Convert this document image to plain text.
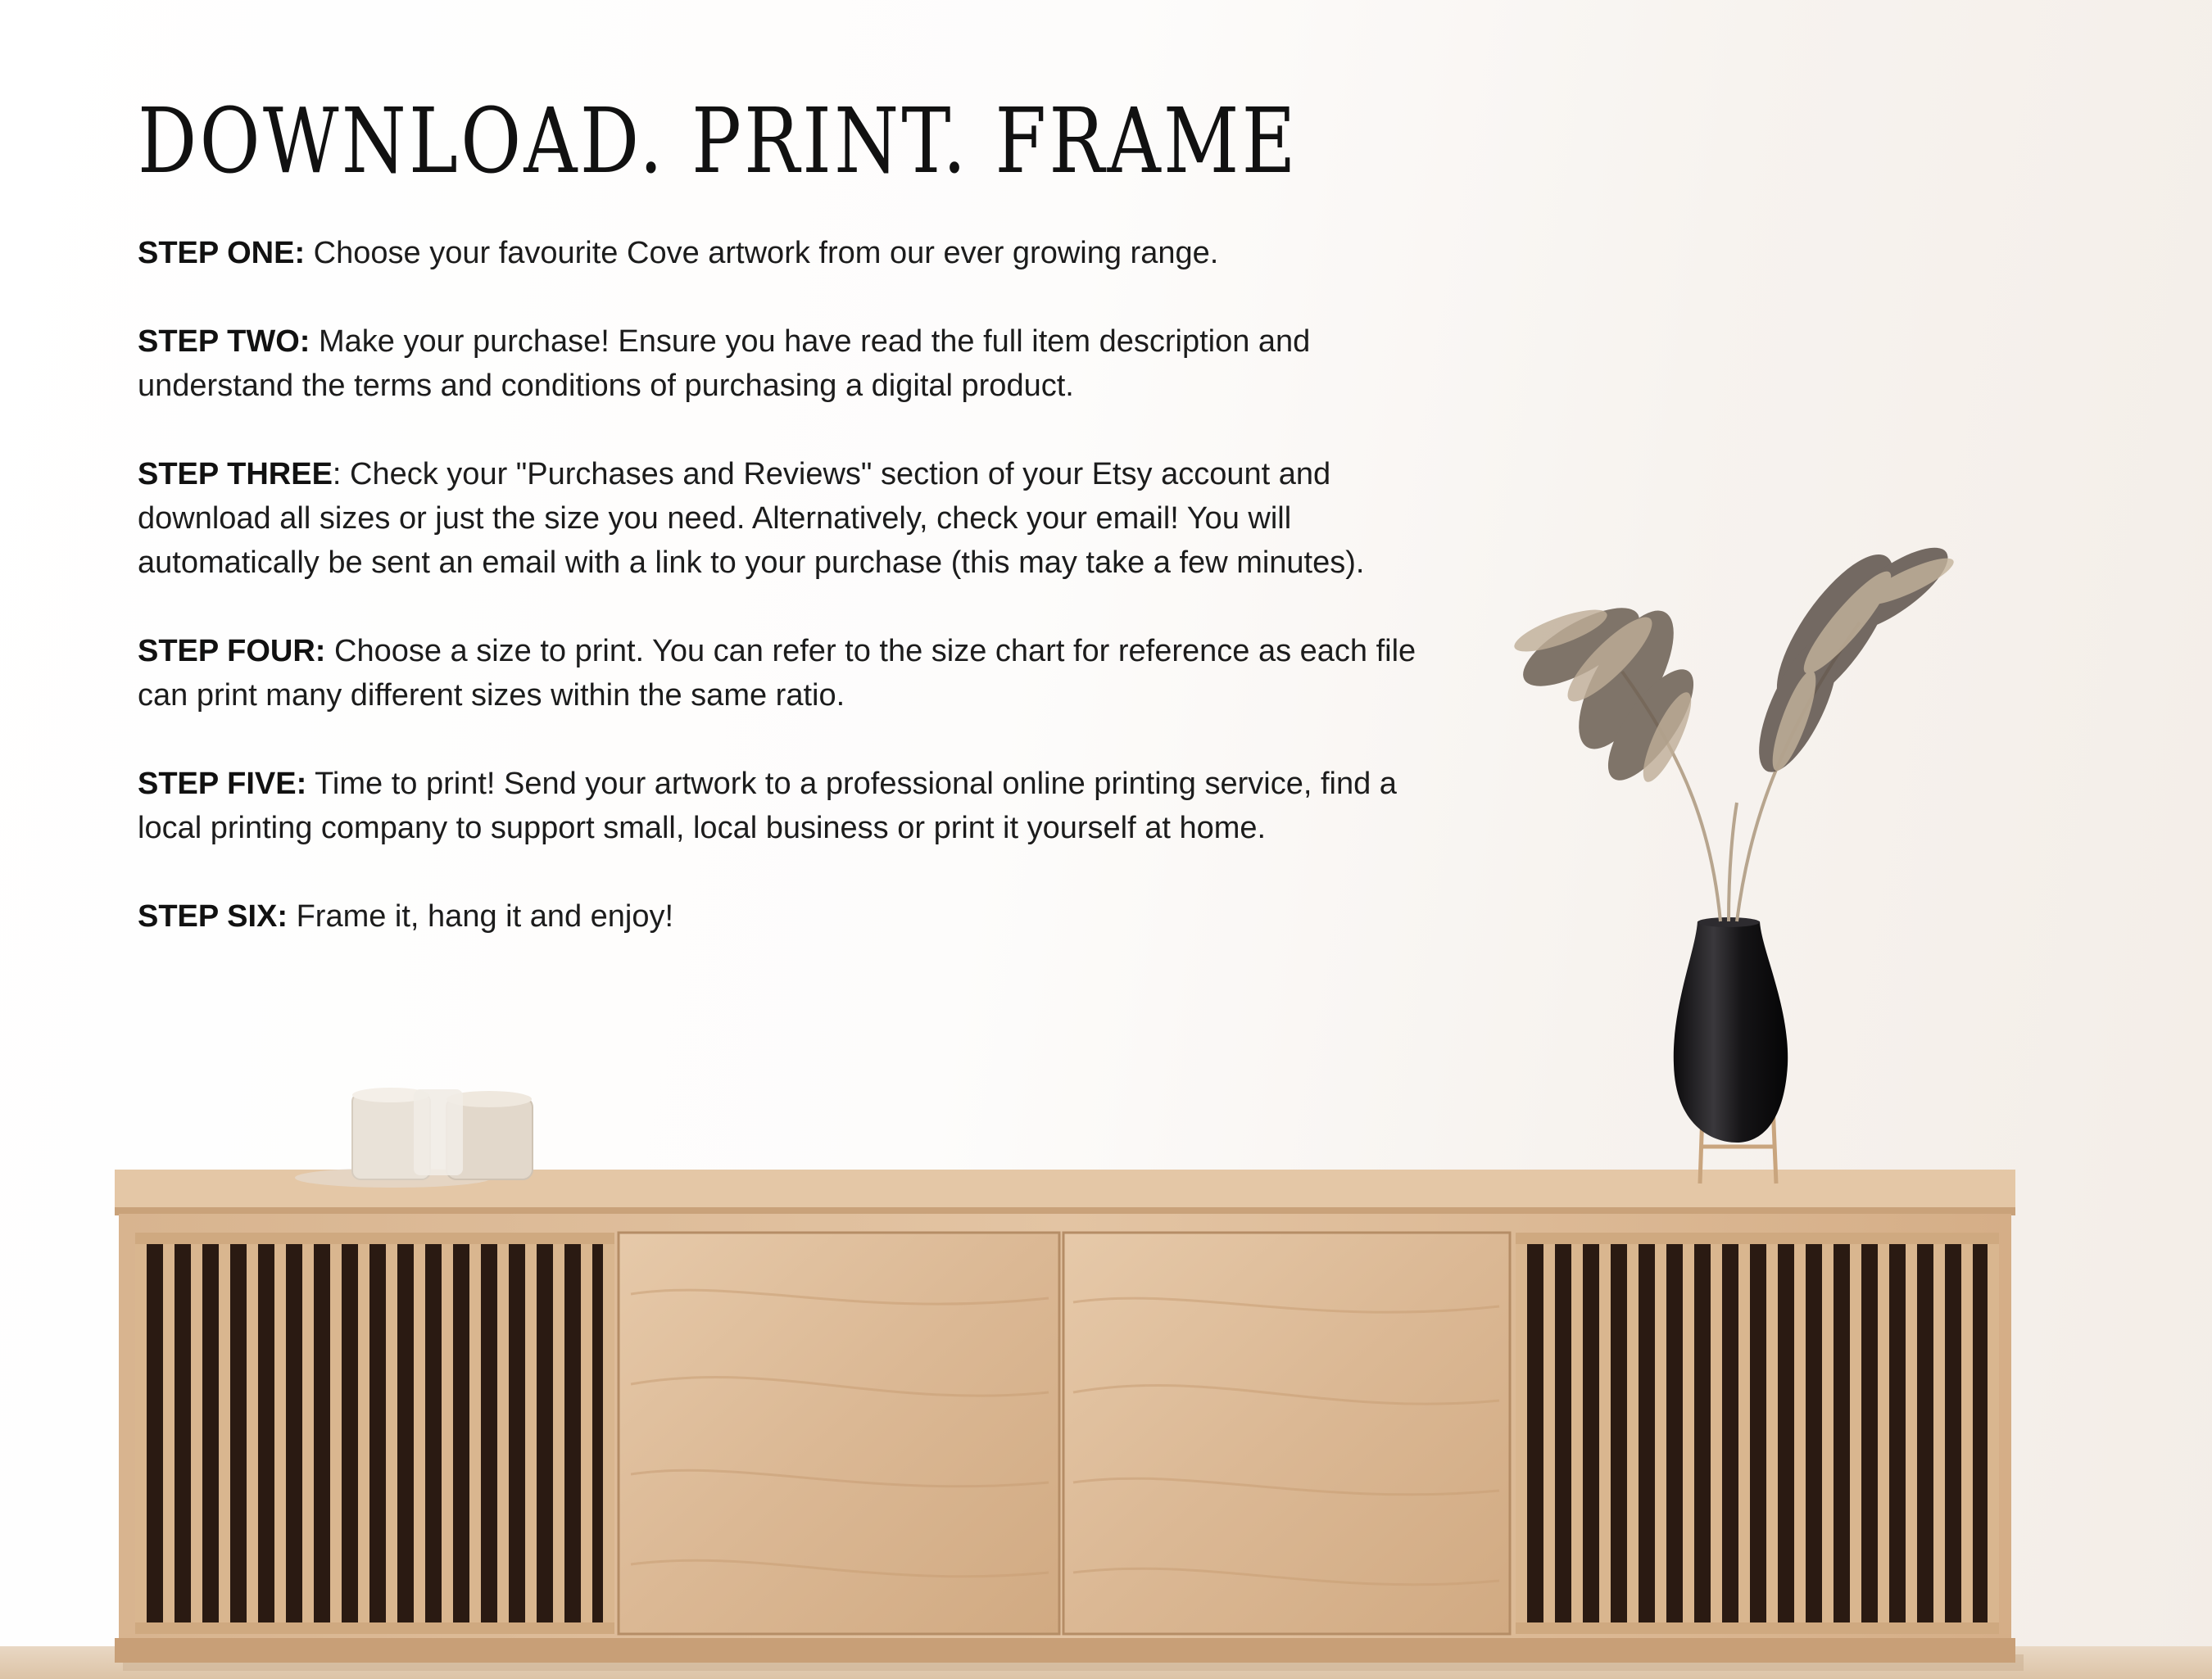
DOWNLOAD. PRINT. FRAME

STEP ONE: Choose your favourite Cove artwork from our ever growing range.

STEP TWO: Make your purchase! Ensure you have read the full item description and understand the terms and conditions of purchasing a digital product.

STEP THREE: Check your "Purchases and Reviews" section of your Etsy account and download all sizes or just the size you need. Alternatively, check your email! You will automatically be sent an email with a link to your purchase (this may take a few minutes).

STEP FOUR: Choose a size to print. You can refer to the size chart for reference as each file can print many different sizes within the same ratio.

STEP FIVE: Time to print! Send your artwork to a professional online printing service, find a local printing company to support small, local business or print it yourself at home.

STEP SIX: Frame it, hang it and enjoy!
